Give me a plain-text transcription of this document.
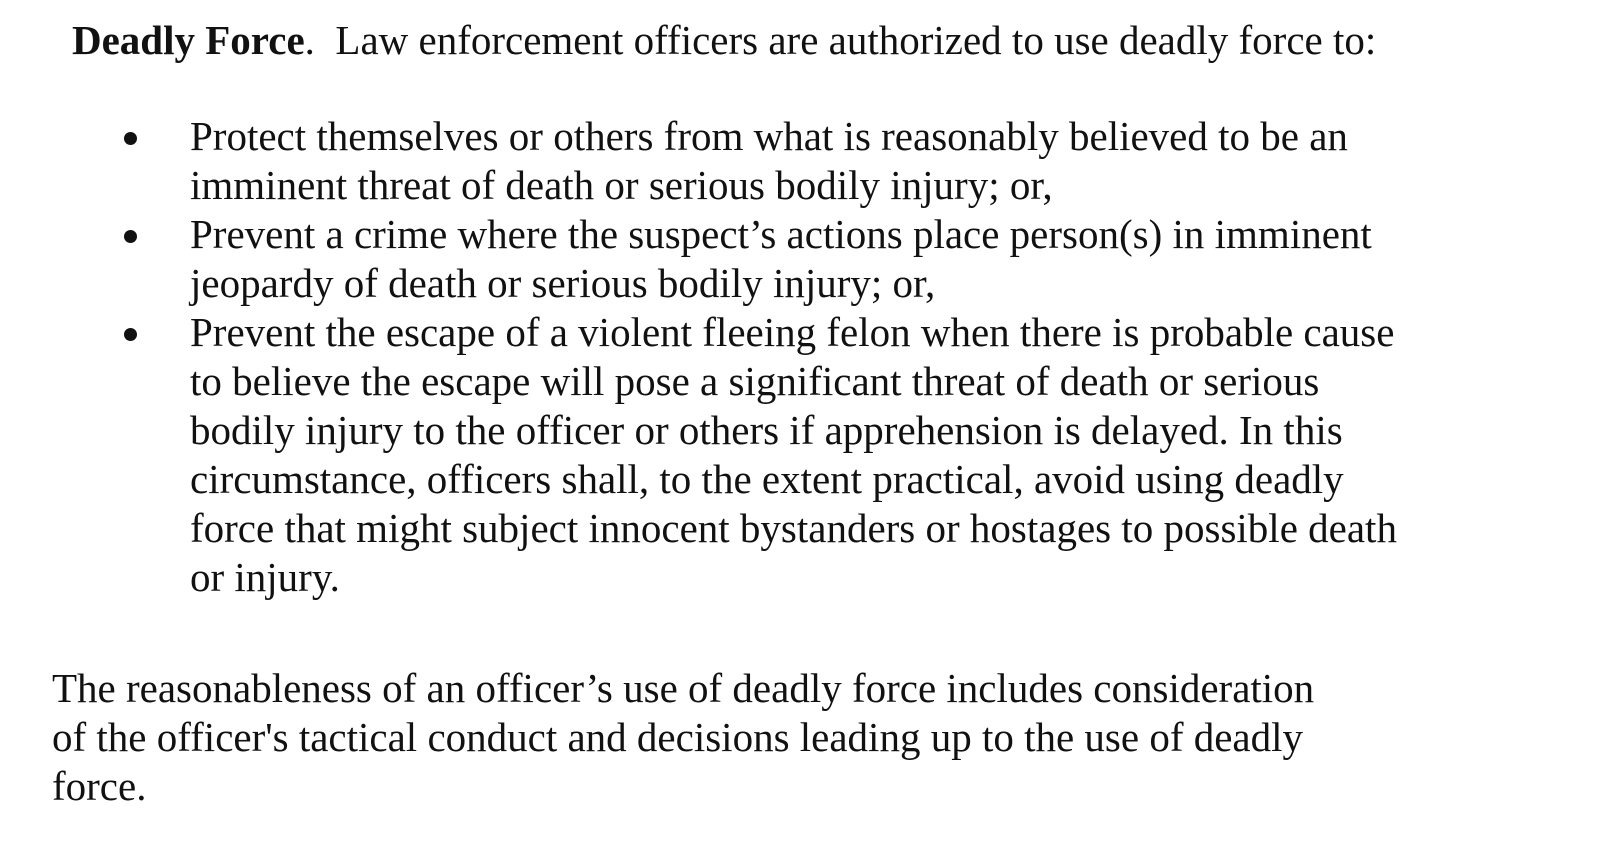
Deadly Force.  Law enforcement officers are authorized to use deadly force to:
Protect themselves or others from what is reasonably believed to be an
imminent threat of death or serious bodily injury; or,
Prevent a crime where the suspect’s actions place person(s) in imminent
jeopardy of death or serious bodily injury; or,
Prevent the escape of a violent fleeing felon when there is probable cause
to believe the escape will pose a significant threat of death or serious
bodily injury to the officer or others if apprehension is delayed. In this
circumstance, officers shall, to the extent practical, avoid using deadly
force that might subject innocent bystanders or hostages to possible death
or injury.
The reasonableness of an officer’s use of deadly force includes consideration
of the officer's tactical conduct and decisions leading up to the use of deadly
force.
